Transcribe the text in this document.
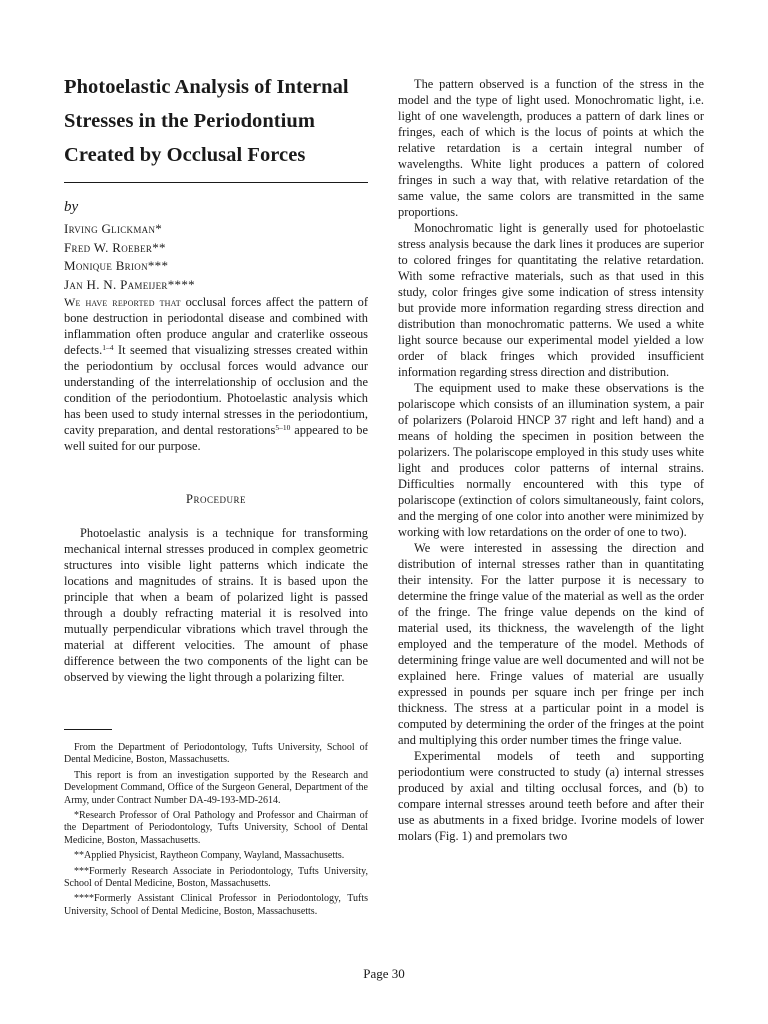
Photoelastic Analysis of Internal
Stresses in the Periodontium
Created by Occlusal Forces
by
Irving Glickman*
Fred W. Roeber**
Monique Brion***
Jan H. N. Pameijer****

We have reported that occlusal forces affect the pattern of bone destruction in periodontal disease and combined with inflammation often produce angular and craterlike osseous defects.$^{1-4}$ It seemed that visualizing stresses created within the periodontium by occlusal forces would advance our understanding of the interrelationship of occlusion and the condition of the periodontium. Photoelastic analysis which has been used to study internal stresses in the periodontium, cavity preparation, and dental restorations$^{5-10}$ appeared to be well suited for our purpose.

Procedure

Photoelastic analysis is a technique for transforming mechanical internal stresses produced in complex geometric structures into visible light patterns which indicate the locations and magnitudes of strains. It is based upon the principle that when a beam of polarized light is passed through a doubly refracting material it is resolved into mutually perpendicular vibrations which travel through the material at different velocities. The amount of phase difference between the two components of the light can be observed by viewing the light through a polarizing filter.

From the Department of Periodontology, Tufts University, School of Dental Medicine, Boston, Massachusetts.

This report is from an investigation supported by the Research and Development Command, Office of the Surgeon General, Department of the Army, under Contract Number DA-49-193-MD-2614.

*Research Professor of Oral Pathology and Professor and Chairman of the Department of Periodontology, Tufts University, School of Dental Medicine, Boston, Massachusetts.

**Applied Physicist, Raytheon Company, Wayland, Massachusetts.

***Formerly Research Associate in Periodontology, Tufts University, School of Dental Medicine, Boston, Massachusetts.

****Formerly Assistant Clinical Professor in Periodontology, Tufts University, School of Dental Medicine, Boston, Massachusetts.

The pattern observed is a function of the stress in the model and the type of light used. Monochromatic light, i.e. light of one wavelength, produces a pattern of dark lines or fringes, each of which is the locus of points at which the relative retardation is a certain integral number of wavelengths. White light produces a pattern of colored fringes in such a way that, with relative retardation of the same value, the same colors are transmitted in the same proportions.

Monochromatic light is generally used for photoelastic stress analysis because the dark lines it produces are superior to colored fringes for quantitating the relative retardation. With some refractive materials, such as that used in this study, color fringes give some indication of stress intensity but provide more information regarding stress direction and distribution than monochromatic patterns. We used a white light source because our experimental model yielded a low order of black fringes which provided insufficient information regarding stress direction and distribution.

The equipment used to make these observations is the polariscope which consists of an illumination system, a pair of polarizers (Polaroid HNCP 37 right and left hand) and a means of holding the specimen in position between the polarizers. The polariscope employed in this study uses white light and produces color patterns of internal strains. Difficulties normally encountered with this type of polariscope (extinction of colors simultaneously, faint colors, and the merging of one color into another were minimized by working with low retardations on the order of one to two).

We were interested in assessing the direction and distribution of internal stresses rather than in quantitating their intensity. For the latter purpose it is necessary to determine the fringe value of the material as well as the order of the fringe. The fringe value depends on the kind of material used, its thickness, the wavelength of the light employed and the temperature of the model. Methods of determining fringe value are well documented and will not be explained here. Fringe values of material are usually expressed in pounds per square inch per fringe per inch thickness. The stress at a particular point in a model is computed by determining the order of the fringes at the point and multiplying this order number times the fringe value.

Experimental models of teeth and supporting periodontium were constructed to study (a) internal stresses produced by axial and tilting occlusal forces, and (b) to compare internal stresses around teeth before and after their use as abutments in a fixed bridge. Ivorine models of lower molars (Fig. 1) and premolars two

Page 30
